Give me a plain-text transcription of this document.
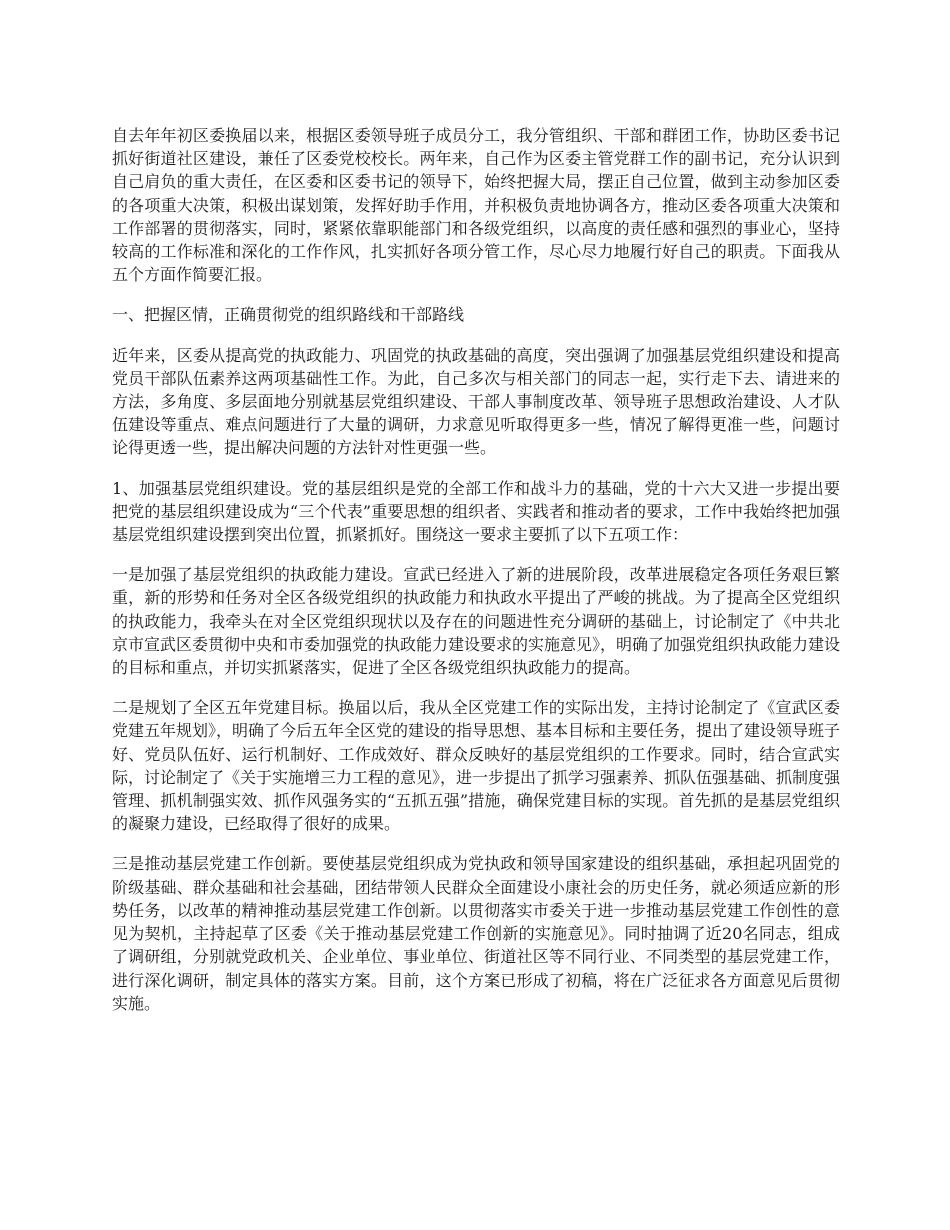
自去年年初区委换届以来，根据区委领导班子成员分工，我分管组织、干部和群团工作，协助区委书记抓好街道社区建设，兼任了区委党校校长。两年来，自己作为区委主管党群工作的副书记，充分认识到自己肩负的重大责任，在区委和区委书记的领导下，始终把握大局，摆正自己位置，做到主动参加区委的各项重大决策，积极出谋划策，发挥好助手作用，并积极负责地协调各方，推动区委各项重大决策和工作部署的贯彻落实，同时，紧紧依靠职能部门和各级党组织，以高度的责任感和强烈的事业心，坚持较高的工作标准和深化的工作作风，扎实抓好各项分管工作，尽心尽力地履行好自己的职责。下面我从五个方面作简要汇报。

一、把握区情，正确贯彻党的组织路线和干部路线

近年来，区委从提高党的执政能力、巩固党的执政基础的高度，突出强调了加强基层党组织建设和提高党员干部队伍素养这两项基础性工作。为此，自己多次与相关部门的同志一起，实行走下去、请进来的方法，多角度、多层面地分别就基层党组织建设、干部人事制度改革、领导班子思想政治建设、人才队伍建设等重点、难点问题进行了大量的调研，力求意见听取得更多一些，情况了解得更准一些，问题讨论得更透一些，提出解决问题的方法针对性更强一些。

1、加强基层党组织建设。党的基层组织是党的全部工作和战斗力的基础，党的十六大又进一步提出要把党的基层组织建设成为“三个代表”重要思想的组织者、实践者和推动者的要求，工作中我始终把加强基层党组织建设摆到突出位置，抓紧抓好。围绕这一要求主要抓了以下五项工作：

一是加强了基层党组织的执政能力建设。宣武已经进入了新的进展阶段，改革进展稳定各项任务艰巨繁重，新的形势和任务对全区各级党组织的执政能力和执政水平提出了严峻的挑战。为了提高全区党组织的执政能力，我牵头在对全区党组织现状以及存在的问题进性充分调研的基础上，讨论制定了《中共北京市宣武区委贯彻中央和市委加强党的执政能力建设要求的实施意见》，明确了加强党组织执政能力建设的目标和重点，并切实抓紧落实，促进了全区各级党组织执政能力的提高。

二是规划了全区五年党建目标。换届以后，我从全区党建工作的实际出发，主持讨论制定了《宣武区委党建五年规划》，明确了今后五年全区党的建设的指导思想、基本目标和主要任务，提出了建设领导班子好、党员队伍好、运行机制好、工作成效好、群众反映好的基层党组织的工作要求。同时，结合宣武实际，讨论制定了《关于实施增三力工程的意见》，进一步提出了抓学习强素养、抓队伍强基础、抓制度强管理、抓机制强实效、抓作风强务实的“五抓五强”措施，确保党建目标的实现。首先抓的是基层党组织的凝聚力建设，已经取得了很好的成果。

三是推动基层党建工作创新。要使基层党组织成为党执政和领导国家建设的组织基础，承担起巩固党的阶级基础、群众基础和社会基础，团结带领人民群众全面建设小康社会的历史任务，就必须适应新的形势任务，以改革的精神推动基层党建工作创新。以贯彻落实市委关于进一步推动基层党建工作创性的意见为契机，主持起草了区委《关于推动基层党建工作创新的实施意见》。同时抽调了近20名同志，组成了调研组，分别就党政机关、企业单位、事业单位、街道社区等不同行业、不同类型的基层党建工作，进行深化调研，制定具体的落实方案。目前，这个方案已形成了初稿，将在广泛征求各方面意见后贯彻实施。
